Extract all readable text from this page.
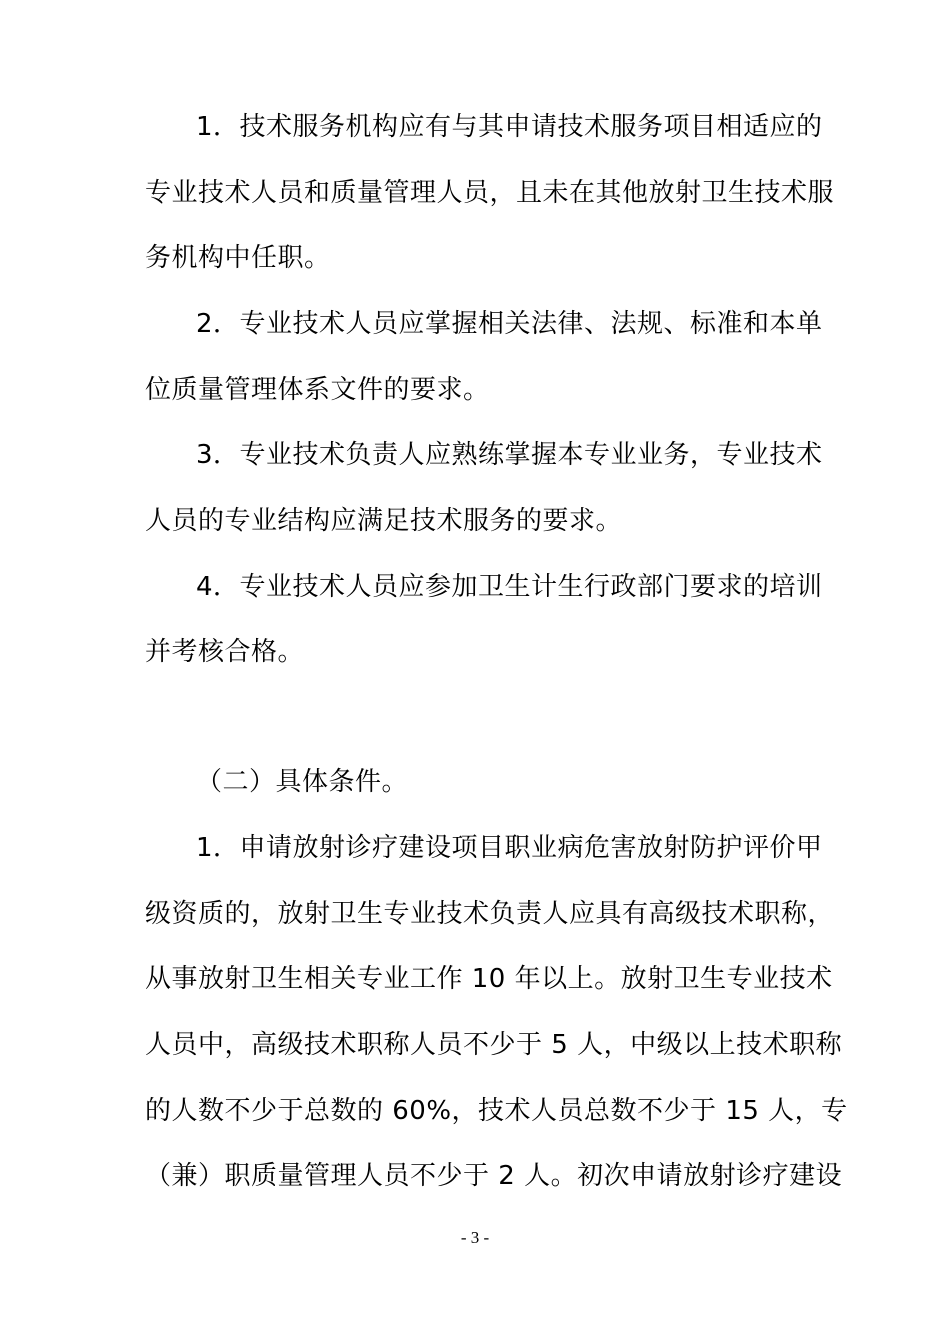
1．技术服务机构应有与其申请技术服务项目相适应的
专业技术人员和质量管理人员，且未在其他放射卫生技术服
务机构中任职。
2．专业技术人员应掌握相关法律、法规、标准和本单
位质量管理体系文件的要求。
3．专业技术负责人应熟练掌握本专业业务，专业技术
人员的专业结构应满足技术服务的要求。
4．专业技术人员应参加卫生计生行政部门要求的培训
并考核合格。
（二）具体条件。
1．申请放射诊疗建设项目职业病危害放射防护评价甲
级资质的，放射卫生专业技术负责人应具有高级技术职称，
从事放射卫生相关专业工作 10 年以上。放射卫生专业技术
人员中，高级技术职称人员不少于 5 人，中级以上技术职称
的人数不少于总数的 60%，技术人员总数不少于 15 人，专
（兼）职质量管理人员不少于 2 人。初次申请放射诊疗建设
- 3 -
